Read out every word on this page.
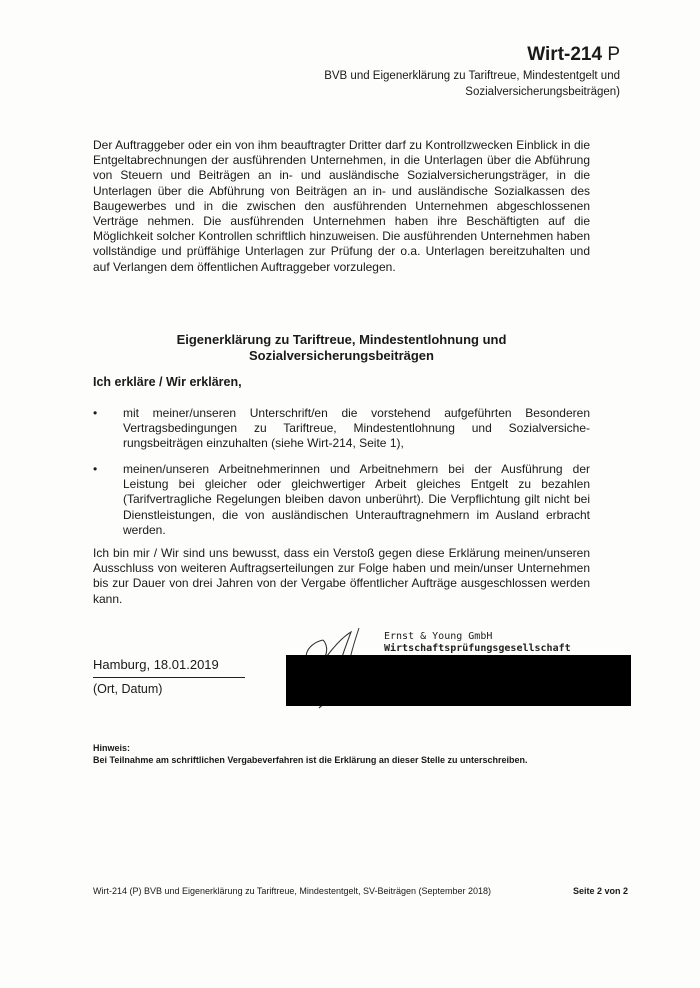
Wirt-214 P
BVB und Eigenerklärung zu Tariftreue, Mindestentgelt und Sozialversicherungsbeiträgen)

Der Auftraggeber oder ein von ihm beauftragter Dritter darf zu Kontrollzwecken Einblick in die Entgeltabrechnungen der ausführenden Unternehmen, in die Unterlagen über die Abführung von Steuern und Beiträgen an in- und ausländische Sozialversicherungsträger, in die Unterlagen über die Abführung von Beiträgen an in- und ausländische Sozialkassen des Baugewerbes und in die zwischen den ausführenden Unternehmen abgeschlossenen Verträge nehmen. Die ausführenden Unternehmen haben ihre Beschäftigten auf die Möglichkeit solcher Kontrollen schriftlich hinzuweisen. Die ausführenden Unternehmen haben vollständige und prüffähige Unterlagen zur Prüfung der o.a. Unterlagen bereitzuhalten und auf Verlangen dem öffentlichen Auftraggeber vorzulegen.

Eigenerklärung zu Tariftreue, Mindestentlohnung und
Sozialversicherungsbeiträgen
Ich erkläre / Wir erklären,
•	mit meiner/unseren Unterschrift/en die vorstehend aufgeführten Besonderen Vertragsbedingungen zu Tariftreue, Mindestentlohnung und Sozialversiche-rungsbeiträgen einzuhalten (siehe Wirt-214, Seite 1),
•	meinen/unseren Arbeitnehmerinnen und Arbeitnehmern bei der Ausführung der Leistung bei gleicher oder gleichwertiger Arbeit gleiches Entgelt zu bezahlen (Tarifvertragliche Regelungen bleiben davon unberührt). Die Verpflichtung gilt nicht bei Dienstleistungen, die von ausländischen Unterauftragnehmern im Ausland erbracht werden.

Ich bin mir / Wir sind uns bewusst, dass ein Verstoß gegen diese Erklärung meinen/unseren Ausschluss von weiteren Auftragserteilungen zur Folge haben und mein/unser Unternehmen bis zur Dauer von drei Jahren von der Vergabe öffentlicher Aufträge ausgeschlossen werden kann.

Hamburg, 18.01.2019
(Ort, Datum)
Ernst & Young GmbH
Wirtschaftsprüfungsgesellschaft
Hinweis:
Bei Teilnahme am schriftlichen Vergabeverfahren ist die Erklärung an dieser Stelle zu unterschreiben.
Wirt-214 (P) BVB und Eigenerklärung zu Tariftreue, Mindestentgelt, SV-Beiträgen (September 2018)	Seite 2 von 2
